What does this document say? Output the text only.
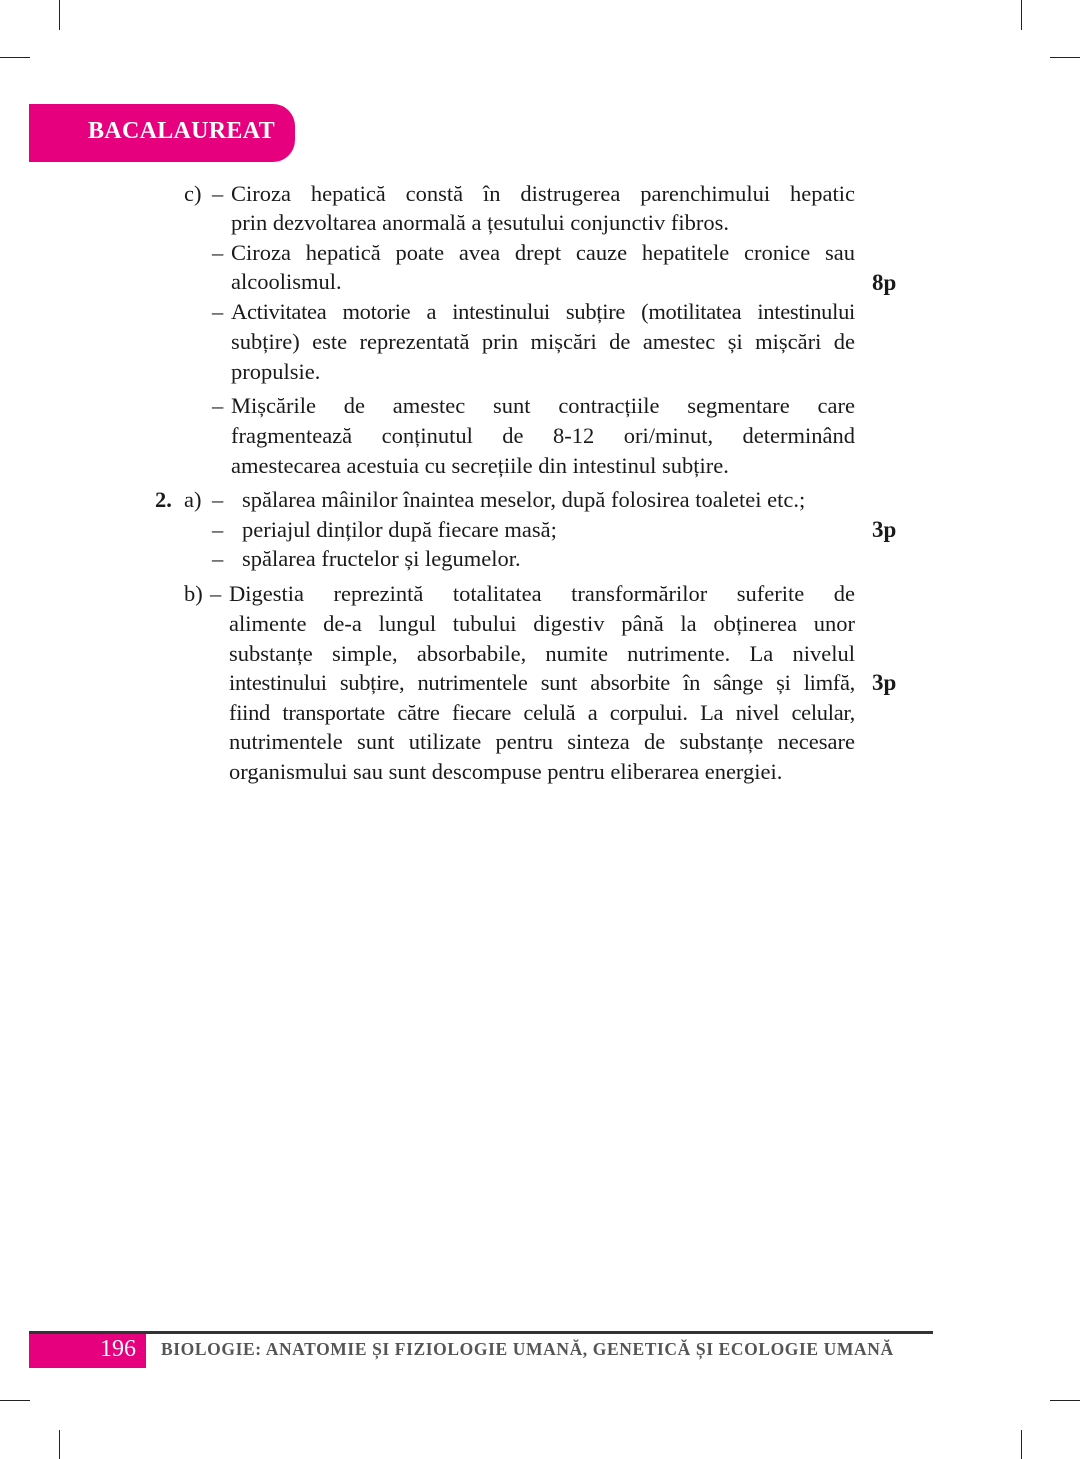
BACALAUREAT
c) – Ciroza hepatică constă în distrugerea parenchimului hepatic
prin dezvoltarea anormală a țesutului conjunctiv fibros.
– Ciroza hepatică poate avea drept cauze hepatitele cronice sau
alcoolismul.	8p
– Activitatea motorie a intestinului subțire (motilitatea intestinului
subțire) este reprezentată prin mișcări de amestec și mișcări de
propulsie.
– Mișcările de amestec sunt contracțiile segmentare care
fragmentează conținutul de 8-12 ori/minut, determinând
amestecarea acestuia cu secrețiile din intestinul subțire.
2. a) – spălarea mâinilor înaintea meselor, după folosirea toaletei etc.;
– periajul dinților după fiecare masă;	3p
– spălarea fructelor și legumelor.
b) – Digestia reprezintă totalitatea transformărilor suferite de
alimente de-a lungul tubului digestiv până la obținerea unor
substanțe simple, absorbabile, numite nutrimente. La nivelul
intestinului subțire, nutrimentele sunt absorbite în sânge și limfă, 3p
fiind transportate către fiecare celulă a corpului. La nivel celular,
nutrimentele sunt utilizate pentru sinteza de substanțe necesare
organismului sau sunt descompuse pentru eliberarea energiei.
196 BIOLOGIE: ANATOMIE ȘI FIZIOLOGIE UMANĂ, GENETICĂ ȘI ECOLOGIE UMANĂ
